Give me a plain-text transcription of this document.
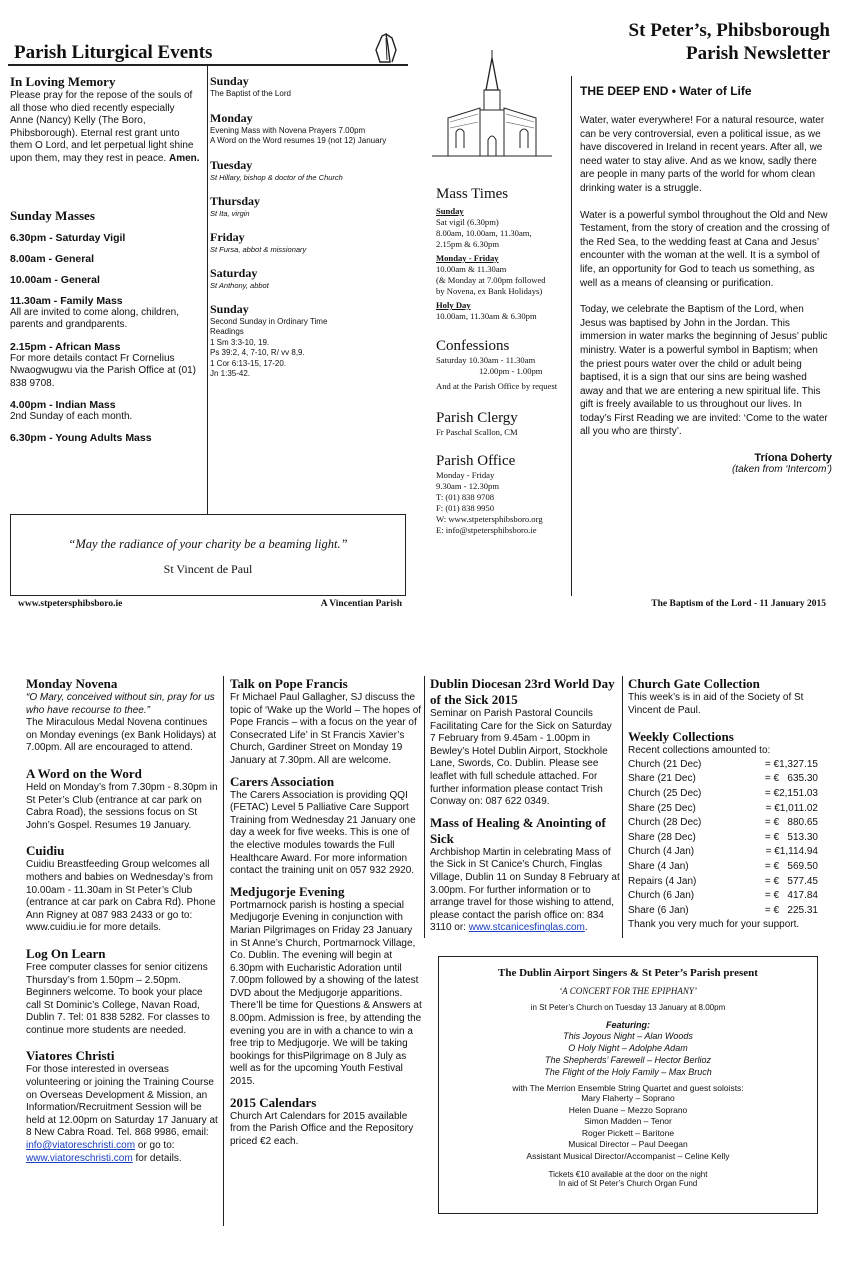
Parish Liturgical Events
In Loving Memory
Please pray for the repose of the souls of all those who died recently especially Anne (Nancy) Kelly (The Boro, Phibsborough). Eternal rest grant unto them O Lord, and let perpetual light shine upon them, may they rest in peace. Amen.
Sunday Masses
6.30pm - Saturday Vigil
8.00am - General
10.00am - General
11.30am - Family Mass
All are invited to come along, children, parents and grandparents.
2.15pm - African Mass
For more details contact Fr Cornelius Nwaogwugwu via the Parish Office at (01) 838 9708.
4.00pm - Indian Mass
2nd Sunday of each month.
6.30pm - Young Adults Mass
Sunday
The Baptist of the Lord
Monday
Evening Mass with Novena Prayers 7.00pm
A Word on the Word resumes 19 (not 12) January
Tuesday
St Hillary, bishop & doctor of the Church
Thursday
St Ita, virgin
Friday
St Fursa, abbot & missionary
Saturday
St Anthony, abbot
Sunday
Second Sunday in Ordinary Time
Readings
1 Sm 3:3-10, 19.
Ps 39:2, 4, 7-10, R/ vv 8,9.
1 Cor 6:13-15, 17-20.
Jn 1:35-42.
“May the radiance of your charity be a beaming light.”
St Vincent de Paul
www.stpetersphibsboro.ie	A Vincentian Parish
St Peter’s, Phibsborough
Parish Newsletter
Mass Times
Sunday
Sat vigil (6.30pm)
8.00am, 10.00am, 11.30am,
2.15pm & 6.30pm
Monday - Friday
10.00am & 11.30am
(& Monday at 7.00pm followed
by Novena, ex Bank Holidays)
Holy Day
10.00am, 11.30am & 6.30pm
Confessions
Saturday 10.30am - 11.30am
12.00pm - 1.00pm
And at the Parish Office by request
Parish Clergy
Fr Paschal Scallon, CM
Parish Office
Monday - Friday
9.30am - 12.30pm
T: (01) 838 9708
F: (01) 838 9950
W: www.stpetersphibsboro.org
E: info@stpetersphibsboro.ie
THE DEEP END • Water of Life

Water, water everywhere! For a natural resource, water can be very controversial, even a political issue, as we have discovered in Ireland in recent years. After all, we need water to stay alive. And as we know, sadly there are people in many parts of the world for whom clean drinking water is a struggle.

Water is a powerful symbol throughout the Old and New Testament, from the story of creation and the crossing of the Red Sea, to the wedding feast at Cana and Jesus’ encounter with the woman at the well. It is a symbol of life, an opportunity for God to teach us something, as well as a means of cleansing or purification.

Today, we celebrate the Baptism of the Lord, when Jesus was baptised by John in the Jordan. This immersion in water marks the beginning of Jesus’ public ministry. Water is a powerful symbol in Baptism; when the priest pours water over the child or adult being baptised, it is a sign that our sins are being washed away and that we are entering a new spiritual life. This gift is freely available to us throughout our lives. In today’s First Reading we are invited: ‘Come to the water all you who are thirsty’.

Tríona Doherty
(taken from ‘Intercom’)
The Baptism of the Lord - 11 January 2015
Monday Novena
“O Mary, conceived without sin, pray for us who have recourse to thee.”
The Miraculous Medal Novena continues on Monday evenings (ex Bank Holidays) at 7.00pm. All are encouraged to attend.
A Word on the Word
Held on Monday’s from 7.30pm - 8.30pm in St Peter’s Club (entrance at car park on Cabra Road), the sessions focus on St John’s Gospel. Resumes 19 January.
Cuidiu
Cuidiu Breastfeeding Group welcomes all mothers and babies on Wednesday’s from 10.00am - 11.30am in St Peter’s Club (entrance at car park on Cabra Rd). Phone Ann Rigney at 087 983 2433 or go to: www.cuidiu.ie for more details.
Log On Learn
Free computer classes for senior citizens Thursday’s from 1.50pm – 2.50pm. Beginners welcome. To book your place call St Dominic’s College, Navan Road, Dublin 7. Tel: 01 838 5282. For classes to continue more students are needed.
Viatores Christi
For those interested in overseas volunteering or joining the Training Course on Overseas Development & Mission, an Information/Recruitment Session will be held at 12.00pm on Saturday 17 January at 8 New Cabra Road. Tel. 868 9986, email: info@viatoreschristi.com or go to: www.viatoreschristi.com for details.
Talk on Pope Francis
Fr Michael Paul Gallagher, SJ discuss the topic of ‘Wake up the World – The hopes of Pope Francis – with a focus on the year of Consecrated Life’ in St Francis Xavier’s Church, Gardiner Street on Monday 19 January at 7.30pm. All are welcome.
Carers Association
The Carers Association is providing QQI (FETAC) Level 5 Palliative Care Support Training from Wednesday 21 January one day a week for five weeks. This is one of the elective modules towards the Full Healthcare Award. For more information contact the training unit on 057 932 2920.
Medjugorje Evening
Portmarnock parish is hosting a special Medjugorje Evening in conjunction with Marian Pilgrimages on Friday 23 January in St Anne’s Church, Portmarnock Village, Co. Dublin. The evening will begin at 6.30pm with Eucharistic Adoration until 7.00pm followed by a showing of the latest DVD about the Medjugorje apparitions. There’ll be time for Questions & Answers at 8.00pm. Admission is free, by attending the evening you are in with a chance to win a free trip to Medjugorje. We will be taking bookings for thisPilgrimage on 8 July as well as for the upcoming Youth Festival 2015.
2015 Calendars
Church Art Calendars for 2015 available from the Parish Office and the Repository priced €2 each.
Dublin Diocesan 23rd World Day of the Sick 2015
Seminar on Parish Pastoral Councils Facilitating Care for the Sick on Saturday 7 February from 9.45am - 1.00pm in Bewley’s Hotel Dublin Airport, Stockhole Lane, Swords, Co. Dublin. Please see leaflet with full schedule attached. For further information please contact Trish Conway on: 087 622 0349.
Mass of Healing & Anointing of Sick
Archbishop Martin in celebrating Mass of the Sick in St Canice’s Church, Finglas Village, Dublin 11 on Sunday 8 February at 3.00pm. For further information or to arrange travel for those wishing to attend, please contact the parish office on: 834 3110 or: www.stcanicesfinglas.com.
Church Gate Collection
This week’s is in aid of the Society of St Vincent de Paul.
Weekly Collections
Recent collections amounted to:
Church (21 Dec)	= €1,327.15
Share (21 Dec)	= €   635.30
Church (25 Dec)	= €2,151.03
Share (25 Dec)	= €1,011.02
Church (28 Dec)	= €   880.65
Share (28 Dec)	= €   513.30
Church (4 Jan)	= €1,114.94
Share (4 Jan)	= €   569.50
Repairs (4 Jan)	= €   577.45
Church (6 Jan)	= €   417.84
Share (6 Jan)	= €   225.31
Thank you very much for your support.
The Dublin Airport Singers & St Peter’s Parish present
‘A CONCERT FOR THE EPIPHANY’
in St Peter’s Church on Tuesday 13 January at 8.00pm
Featuring:
This Joyous Night – Alan Woods
O Holy Night – Adolphe Adam
The Shepherds’ Farewell – Hector Berlioz
The Flight of the Holy Family – Max Bruch
with The Merrion Ensemble String Quartet and guest soloists:
Mary Flaherty – Soprano
Helen Duane – Mezzo Soprano
Simon Madden – Tenor
Roger Pickett – Baritone
Musical Director – Paul Deegan
Assistant Musical Director/Accompanist – Celine Kelly
Tickets €10 available at the door on the night
In aid of St Peter’s Church Organ Fund
